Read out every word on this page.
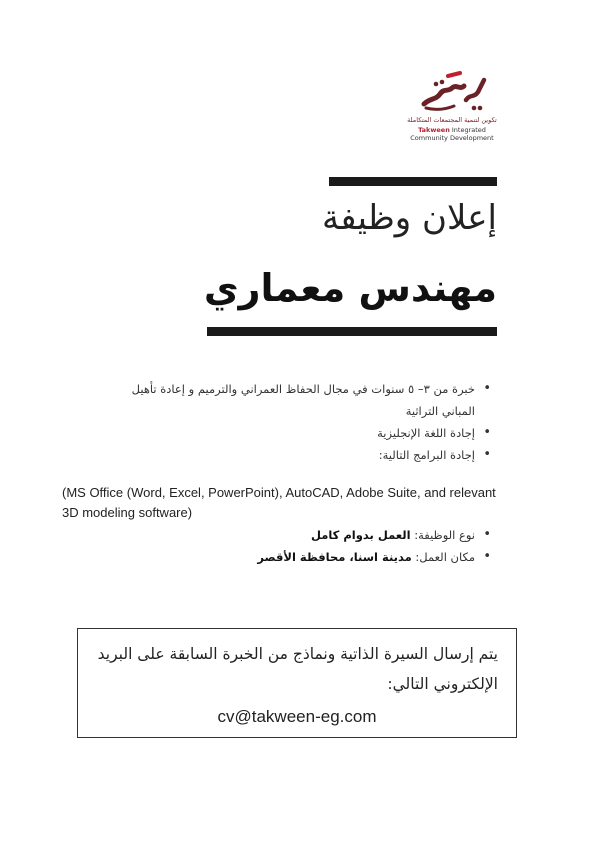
تكوين لتنمية المجتمعات المتكاملة
Takween Integrated
Community Development
إعلان وظيفة
مهندس معماري
• خبرة من ٣– ٥ سنوات في مجال الحفاظ العمراني والترميم و إعادة تأهيل المباني التراثية
• إجادة اللغة الإنجليزية
• إجادة البرامج التالية:
(MS Office (Word, Excel, PowerPoint), AutoCAD, Adobe Suite, and relevant 3D modeling software)
• نوع الوظيفة: العمل بدوام كامل
• مكان العمل: مدينة اسنا، محافظة الأقصر
يتم إرسال السيرة الذاتية ونماذج من الخبرة السابقة على البريد الإلكتروني التالي:
cv@takween-eg.com
